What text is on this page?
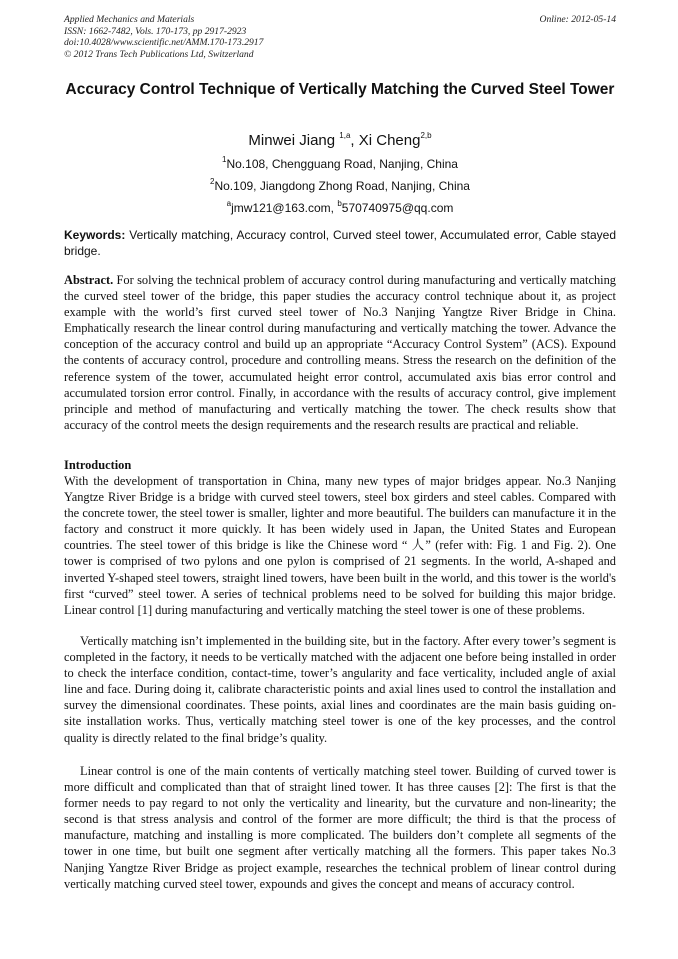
Applied Mechanics and Materials
ISSN: 1662-7482, Vols. 170-173, pp 2917-2923
doi:10.4028/www.scientific.net/AMM.170-173.2917
© 2012 Trans Tech Publications Ltd, Switzerland
Online: 2012-05-14
Accuracy Control Technique of Vertically Matching the Curved Steel Tower
Minwei Jiang $^{1,a}$, Xi Cheng$^{2,b}$
$^1$No.108, Chengguang Road, Nanjing, China
$^2$No.109, Jiangdong Zhong Road, Nanjing, China
$^a$jmw121@163.com, $^b$570740975@qq.com
Keywords: Vertically matching, Accuracy control, Curved steel tower, Accumulated error, Cable stayed bridge.

Abstract. For solving the technical problem of accuracy control during manufacturing and vertically matching the curved steel tower of the bridge, this paper studies the accuracy control technique about it, as project example with the world’s first curved steel tower of No.3 Nanjing Yangtze River Bridge in China. Emphatically research the linear control during manufacturing and vertically matching the tower. Advance the conception of the accuracy control and build up an appropriate “Accuracy Control System” (ACS). Expound the contents of accuracy control, procedure and controlling means. Stress the research on the definition of the reference system of the tower, accumulated height error control, accumulated axis bias error control and accumulated torsion error control. Finally, in accordance with the results of accuracy control, give implement principle and method of manufacturing and vertically matching the tower. The check results show that accuracy of the control meets the design requirements and the research results are practical and reliable.

Introduction

With the development of transportation in China, many new types of major bridges appear. No.3 Nanjing Yangtze River Bridge is a bridge with curved steel towers, steel box girders and steel cables. Compared with the concrete tower, the steel tower is smaller, lighter and more beautiful. The builders can manufacture it in the factory and construct it more quickly. It has been widely used in Japan, the United States and European countries. The steel tower of this bridge is like the Chinese word “ 人” (refer with: Fig. 1 and Fig. 2). One tower is comprised of two pylons and one pylon is comprised of 21 segments. In the world, A-shaped and inverted Y-shaped steel towers, straight lined towers, have been built in the world, and this tower is the world's first “curved” steel tower. A series of technical problems need to be solved for building this major bridge. Linear control [1] during manufacturing and vertically matching the steel tower is one of these problems.

Vertically matching isn’t implemented in the building site, but in the factory. After every tower’s segment is completed in the factory, it needs to be vertically matched with the adjacent one before being installed in order to check the interface condition, contact-time, tower’s angularity and face verticality, included angle of axial line and face. During doing it, calibrate characteristic points and axial lines used to control the installation and survey the dimensional coordinates. These points, axial lines and coordinates are the main basis guiding on-site installation works. Thus, vertically matching steel tower is one of the key processes, and the control quality is directly related to the final bridge’s quality.

Linear control is one of the main contents of vertically matching steel tower. Building of curved tower is more difficult and complicated than that of straight lined tower. It has three causes [2]: The first is that the former needs to pay regard to not only the verticality and linearity, but the curvature and non-linearity; the second is that stress analysis and control of the former are more difficult; the third is that the process of manufacture, matching and installing is more complicated. The builders don’t complete all segments of the tower in one time, but built one segment after vertically matching all the formers. This paper takes No.3 Nanjing Yangtze River Bridge as project example, researches the technical problem of linear control during vertically matching curved steel tower, expounds and gives the concept and means of accuracy control.
